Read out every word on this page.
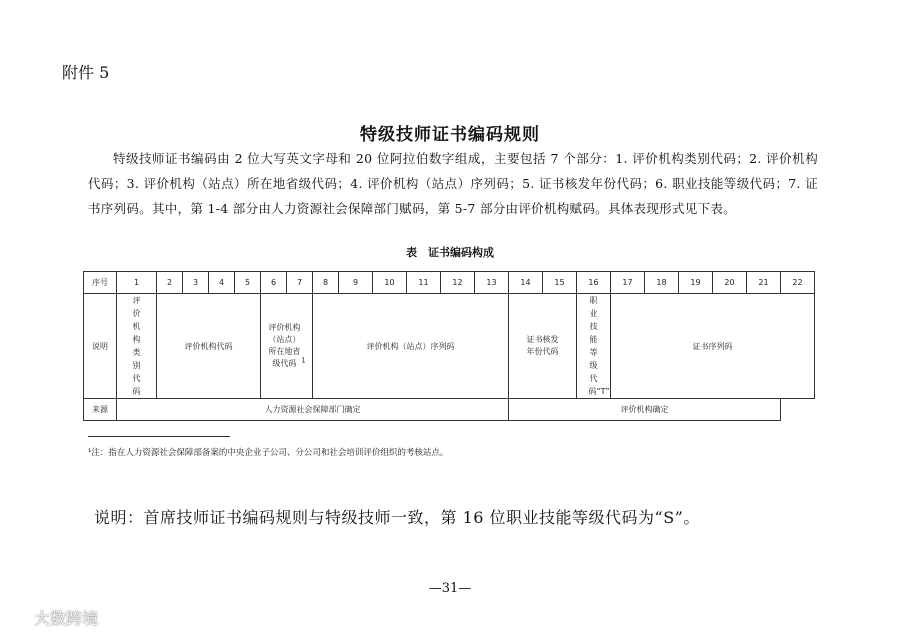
附件 5
特级技师证书编码规则
特级技师证书编码由 2 位大写英文字母和 20 位阿拉伯数字组成，主要包括 7 个部分：1. 评价机构类别代码；2. 评价机构代码；3. 评价机构（站点）所在地省级代码；4. 评价机构（站点）序列码；5. 证书核发年份代码；6. 职业技能等级代码；7. 证书序列码。其中，第 1-4 部分由人力资源社会保障部门赋码，第 5-7 部分由评价机构赋码。具体表现形式见下表。
表　证书编码构成
序号	1	2	3	4	5	6	7	8	9	10	11	12	13	14	15	16	17	18	19	20	21	22
说明	评价机构类别代码	评价机构代码				评价机构（站点）所在地省级代码 $^1$		评价机构（站点）序列码						证书核发年份代码		职业技能等级代码“T”	证书序列码					
来源	人力资源社会保障部门确定													评价机构确定								
¹注：指在人力资源社会保障部备案的中央企业子公司、分公司和社会培训评价组织的考核站点。
说明：首席技师证书编码规则与特级技师一致，第 16 位职业技能等级代码为“S”。
—31—
大数跨境
